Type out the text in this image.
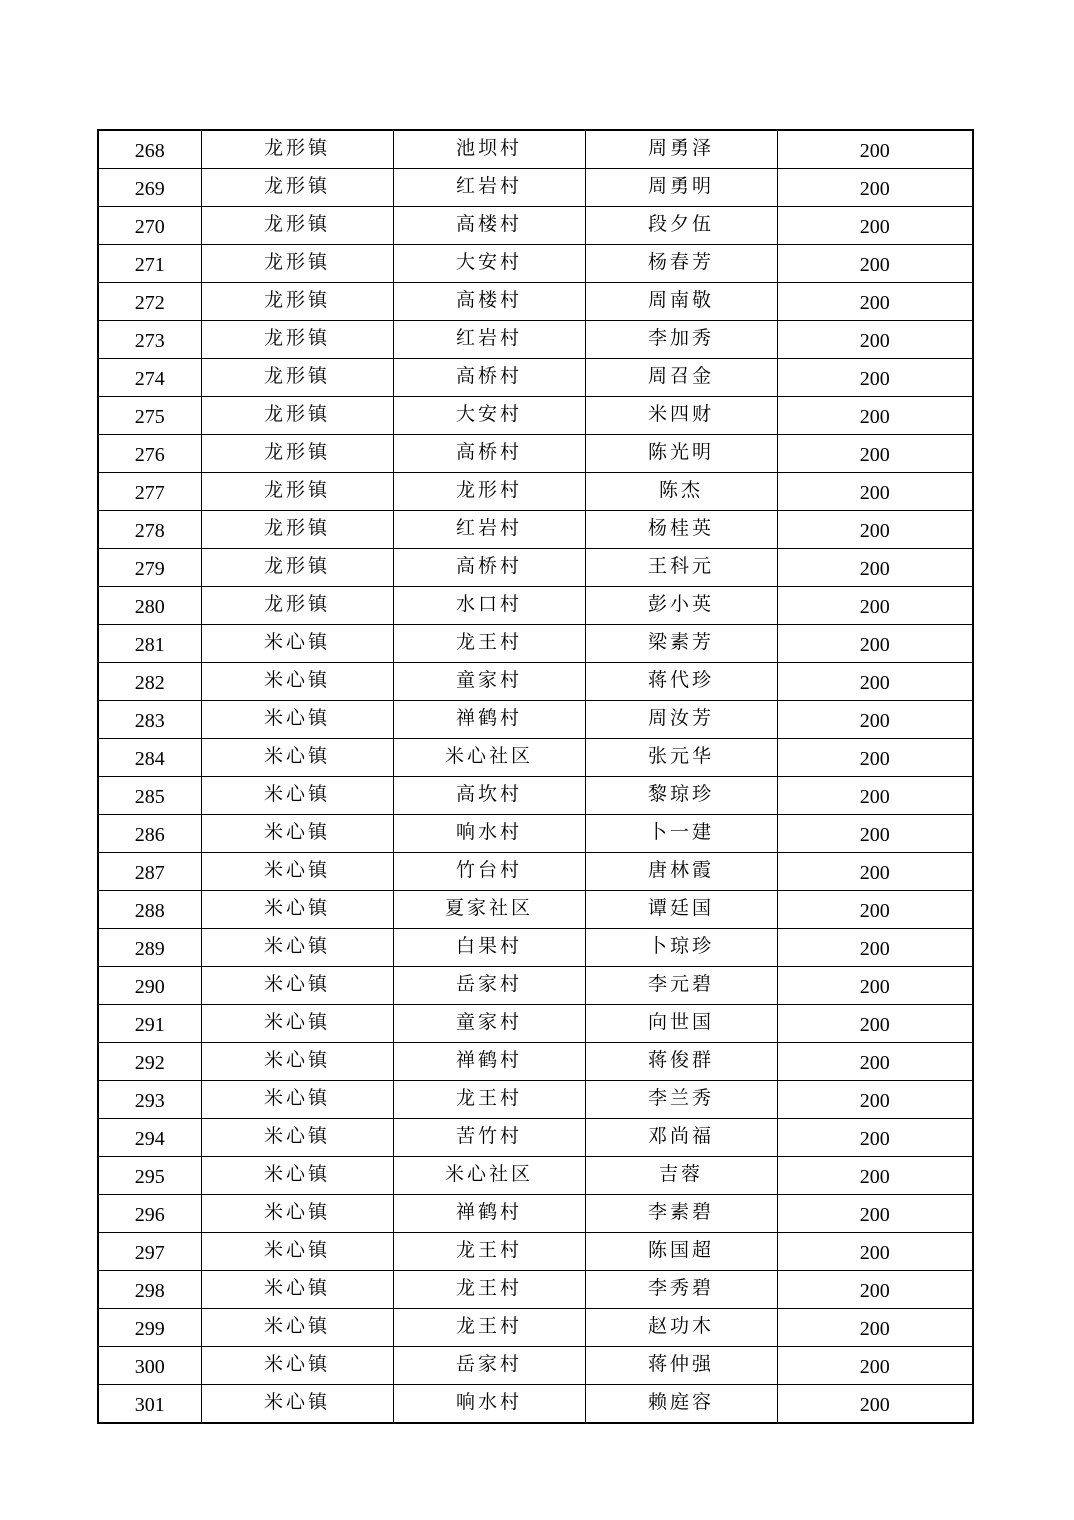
268	龙形镇	池坝村	周勇泽	200
269	龙形镇	红岩村	周勇明	200
270	龙形镇	高楼村	段夕伍	200
271	龙形镇	大安村	杨春芳	200
272	龙形镇	高楼村	周南敬	200
273	龙形镇	红岩村	李加秀	200
274	龙形镇	高桥村	周召金	200
275	龙形镇	大安村	米四财	200
276	龙形镇	高桥村	陈光明	200
277	龙形镇	龙形村	陈杰	200
278	龙形镇	红岩村	杨桂英	200
279	龙形镇	高桥村	王科元	200
280	龙形镇	水口村	彭小英	200
281	米心镇	龙王村	梁素芳	200
282	米心镇	童家村	蒋代珍	200
283	米心镇	禅鹤村	周汝芳	200
284	米心镇	米心社区	张元华	200
285	米心镇	高坎村	黎琼珍	200
286	米心镇	响水村	卜一建	200
287	米心镇	竹台村	唐林霞	200
288	米心镇	夏家社区	谭廷国	200
289	米心镇	白果村	卜琼珍	200
290	米心镇	岳家村	李元碧	200
291	米心镇	童家村	向世国	200
292	米心镇	禅鹤村	蒋俊群	200
293	米心镇	龙王村	李兰秀	200
294	米心镇	苦竹村	邓尚福	200
295	米心镇	米心社区	吉蓉	200
296	米心镇	禅鹤村	李素碧	200
297	米心镇	龙王村	陈国超	200
298	米心镇	龙王村	李秀碧	200
299	米心镇	龙王村	赵功木	200
300	米心镇	岳家村	蒋仲强	200
301	米心镇	响水村	赖庭容	200
